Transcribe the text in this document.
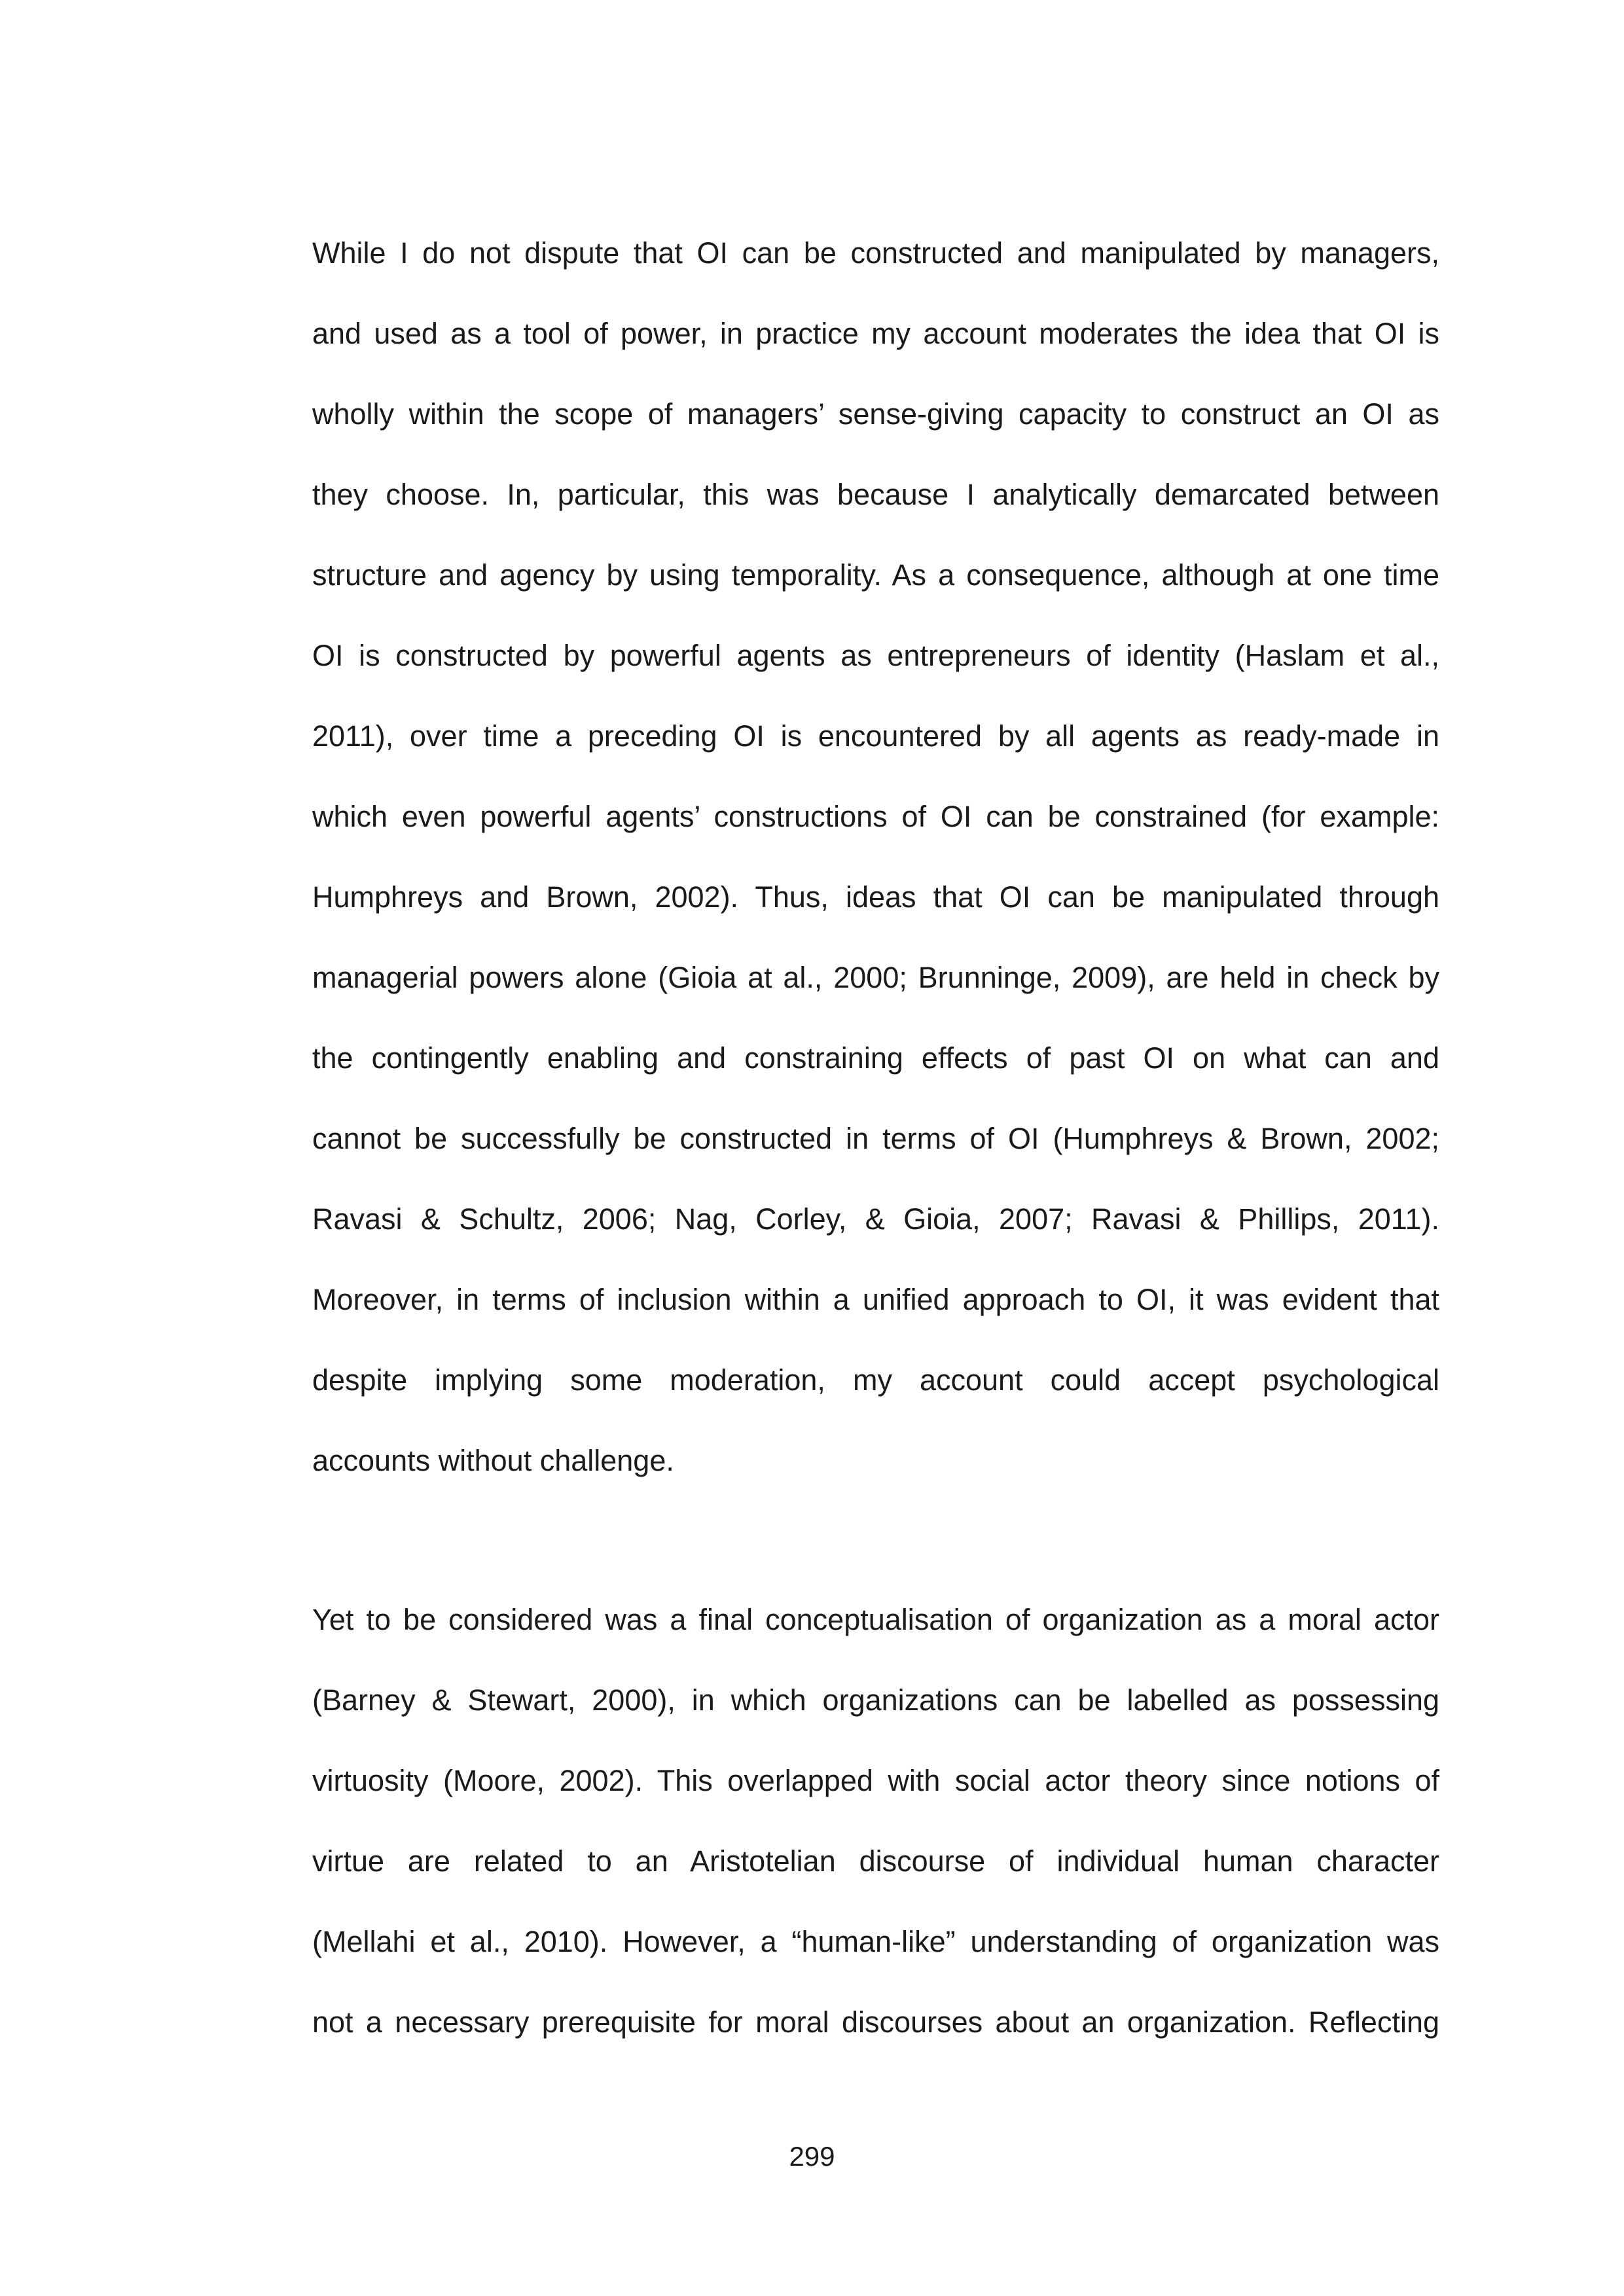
While I do not dispute that OI can be constructed and manipulated by managers,
and used as a tool of power, in practice my account moderates the idea that OI is
wholly within the scope of managers’ sense-giving capacity to construct an OI as
they choose. In, particular, this was because I analytically demarcated between
structure and agency by using temporality. As a consequence, although at one time
OI is constructed by powerful agents as entrepreneurs of identity (Haslam et al.,
2011), over time a preceding OI is encountered by all agents as ready-made in
which even powerful agents’ constructions of OI can be constrained (for example:
Humphreys and Brown, 2002). Thus, ideas that OI can be manipulated through
managerial powers alone (Gioia at al., 2000; Brunninge, 2009), are held in check by
the contingently enabling and constraining effects of past OI on what can and
cannot be successfully be constructed in terms of OI (Humphreys & Brown, 2002;
Ravasi & Schultz, 2006; Nag, Corley, & Gioia, 2007; Ravasi & Phillips, 2011).
Moreover, in terms of inclusion within a unified approach to OI, it was evident that
despite implying some moderation, my account could accept psychological
accounts without challenge.
Yet to be considered was a final conceptualisation of organization as a moral actor
(Barney & Stewart, 2000), in which organizations can be labelled as possessing
virtuosity (Moore, 2002). This overlapped with social actor theory since notions of
virtue are related to an Aristotelian discourse of individual human character
(Mellahi et al., 2010). However, a “human-like” understanding of organization was
not a necessary prerequisite for moral discourses about an organization. Reflecting
299
